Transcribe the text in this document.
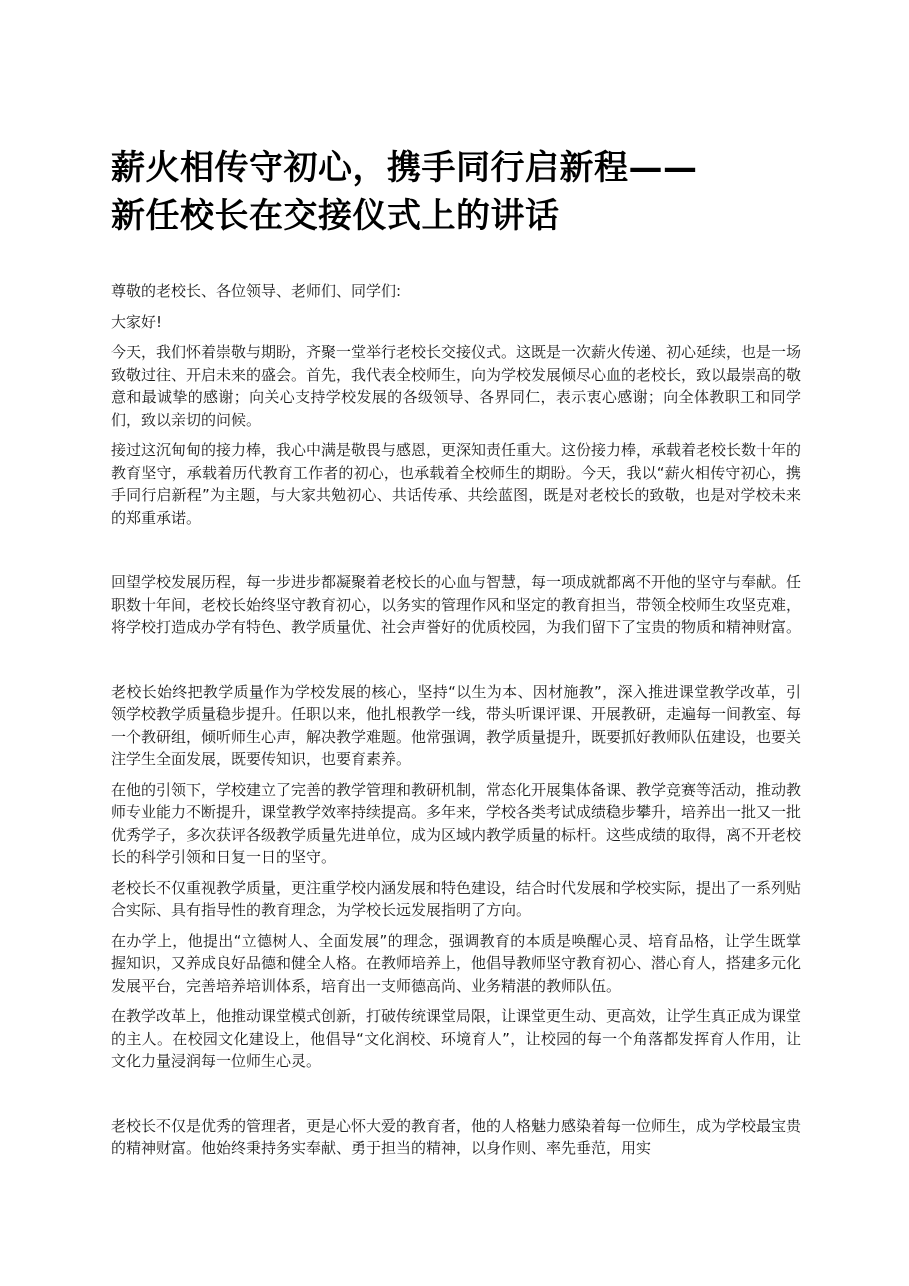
薪火相传守初心，携手同行启新程——
新任校长在交接仪式上的讲话

尊敬的老校长、各位领导、老师们、同学们:

大家好!

今天，我们怀着崇敬与期盼，齐聚一堂举行老校长交接仪式。这既是一次薪火传递、初心延续，也是一场致敬过往、开启未来的盛会。首先，我代表全校师生，向为学校发展倾尽心血的老校长，致以最崇高的敬意和最诚挚的感谢；向关心支持学校发展的各级领导、各界同仁，表示衷心感谢；向全体教职工和同学们，致以亲切的问候。

接过这沉甸甸的接力棒，我心中满是敬畏与感恩，更深知责任重大。这份接力棒，承载着老校长数十年的教育坚守，承载着历代教育工作者的初心，也承载着全校师生的期盼。今天，我以“薪火相传守初心，携手同行启新程”为主题，与大家共勉初心、共话传承、共绘蓝图，既是对老校长的致敬，也是对学校未来的郑重承诺。

回望学校发展历程，每一步进步都凝聚着老校长的心血与智慧，每一项成就都离不开他的坚守与奉献。任职数十年间，老校长始终坚守教育初心，以务实的管理作风和坚定的教育担当，带领全校师生攻坚克难，将学校打造成办学有特色、教学质量优、社会声誉好的优质校园，为我们留下了宝贵的物质和精神财富。

老校长始终把教学质量作为学校发展的核心，坚持“以生为本、因材施教”，深入推进课堂教学改革，引领学校教学质量稳步提升。任职以来，他扎根教学一线，带头听课评课、开展教研，走遍每一间教室、每一个教研组，倾听师生心声，解决教学难题。他常强调，教学质量提升，既要抓好教师队伍建设，也要关注学生全面发展，既要传知识，也要育素养。

在他的引领下，学校建立了完善的教学管理和教研机制，常态化开展集体备课、教学竞赛等活动，推动教师专业能力不断提升，课堂教学效率持续提高。多年来，学校各类考试成绩稳步攀升，培养出一批又一批优秀学子，多次获评各级教学质量先进单位，成为区域内教学质量的标杆。这些成绩的取得，离不开老校长的科学引领和日复一日的坚守。

老校长不仅重视教学质量，更注重学校内涵发展和特色建设，结合时代发展和学校实际，提出了一系列贴合实际、具有指导性的教育理念，为学校长远发展指明了方向。

在办学上，他提出“立德树人、全面发展”的理念，强调教育的本质是唤醒心灵、培育品格，让学生既掌握知识，又养成良好品德和健全人格。在教师培养上，他倡导教师坚守教育初心、潜心育人，搭建多元化发展平台，完善培养培训体系，培育出一支师德高尚、业务精湛的教师队伍。

在教学改革上，他推动课堂模式创新，打破传统课堂局限，让课堂更生动、更高效，让学生真正成为课堂的主人。在校园文化建设上，他倡导“文化润校、环境育人”，让校园的每一个角落都发挥育人作用，让文化力量浸润每一位师生心灵。

老校长不仅是优秀的管理者，更是心怀大爱的教育者，他的人格魅力感染着每一位师生，成为学校最宝贵的精神财富。他始终秉持务实奉献、勇于担当的精神，以身作则、率先垂范，用实
